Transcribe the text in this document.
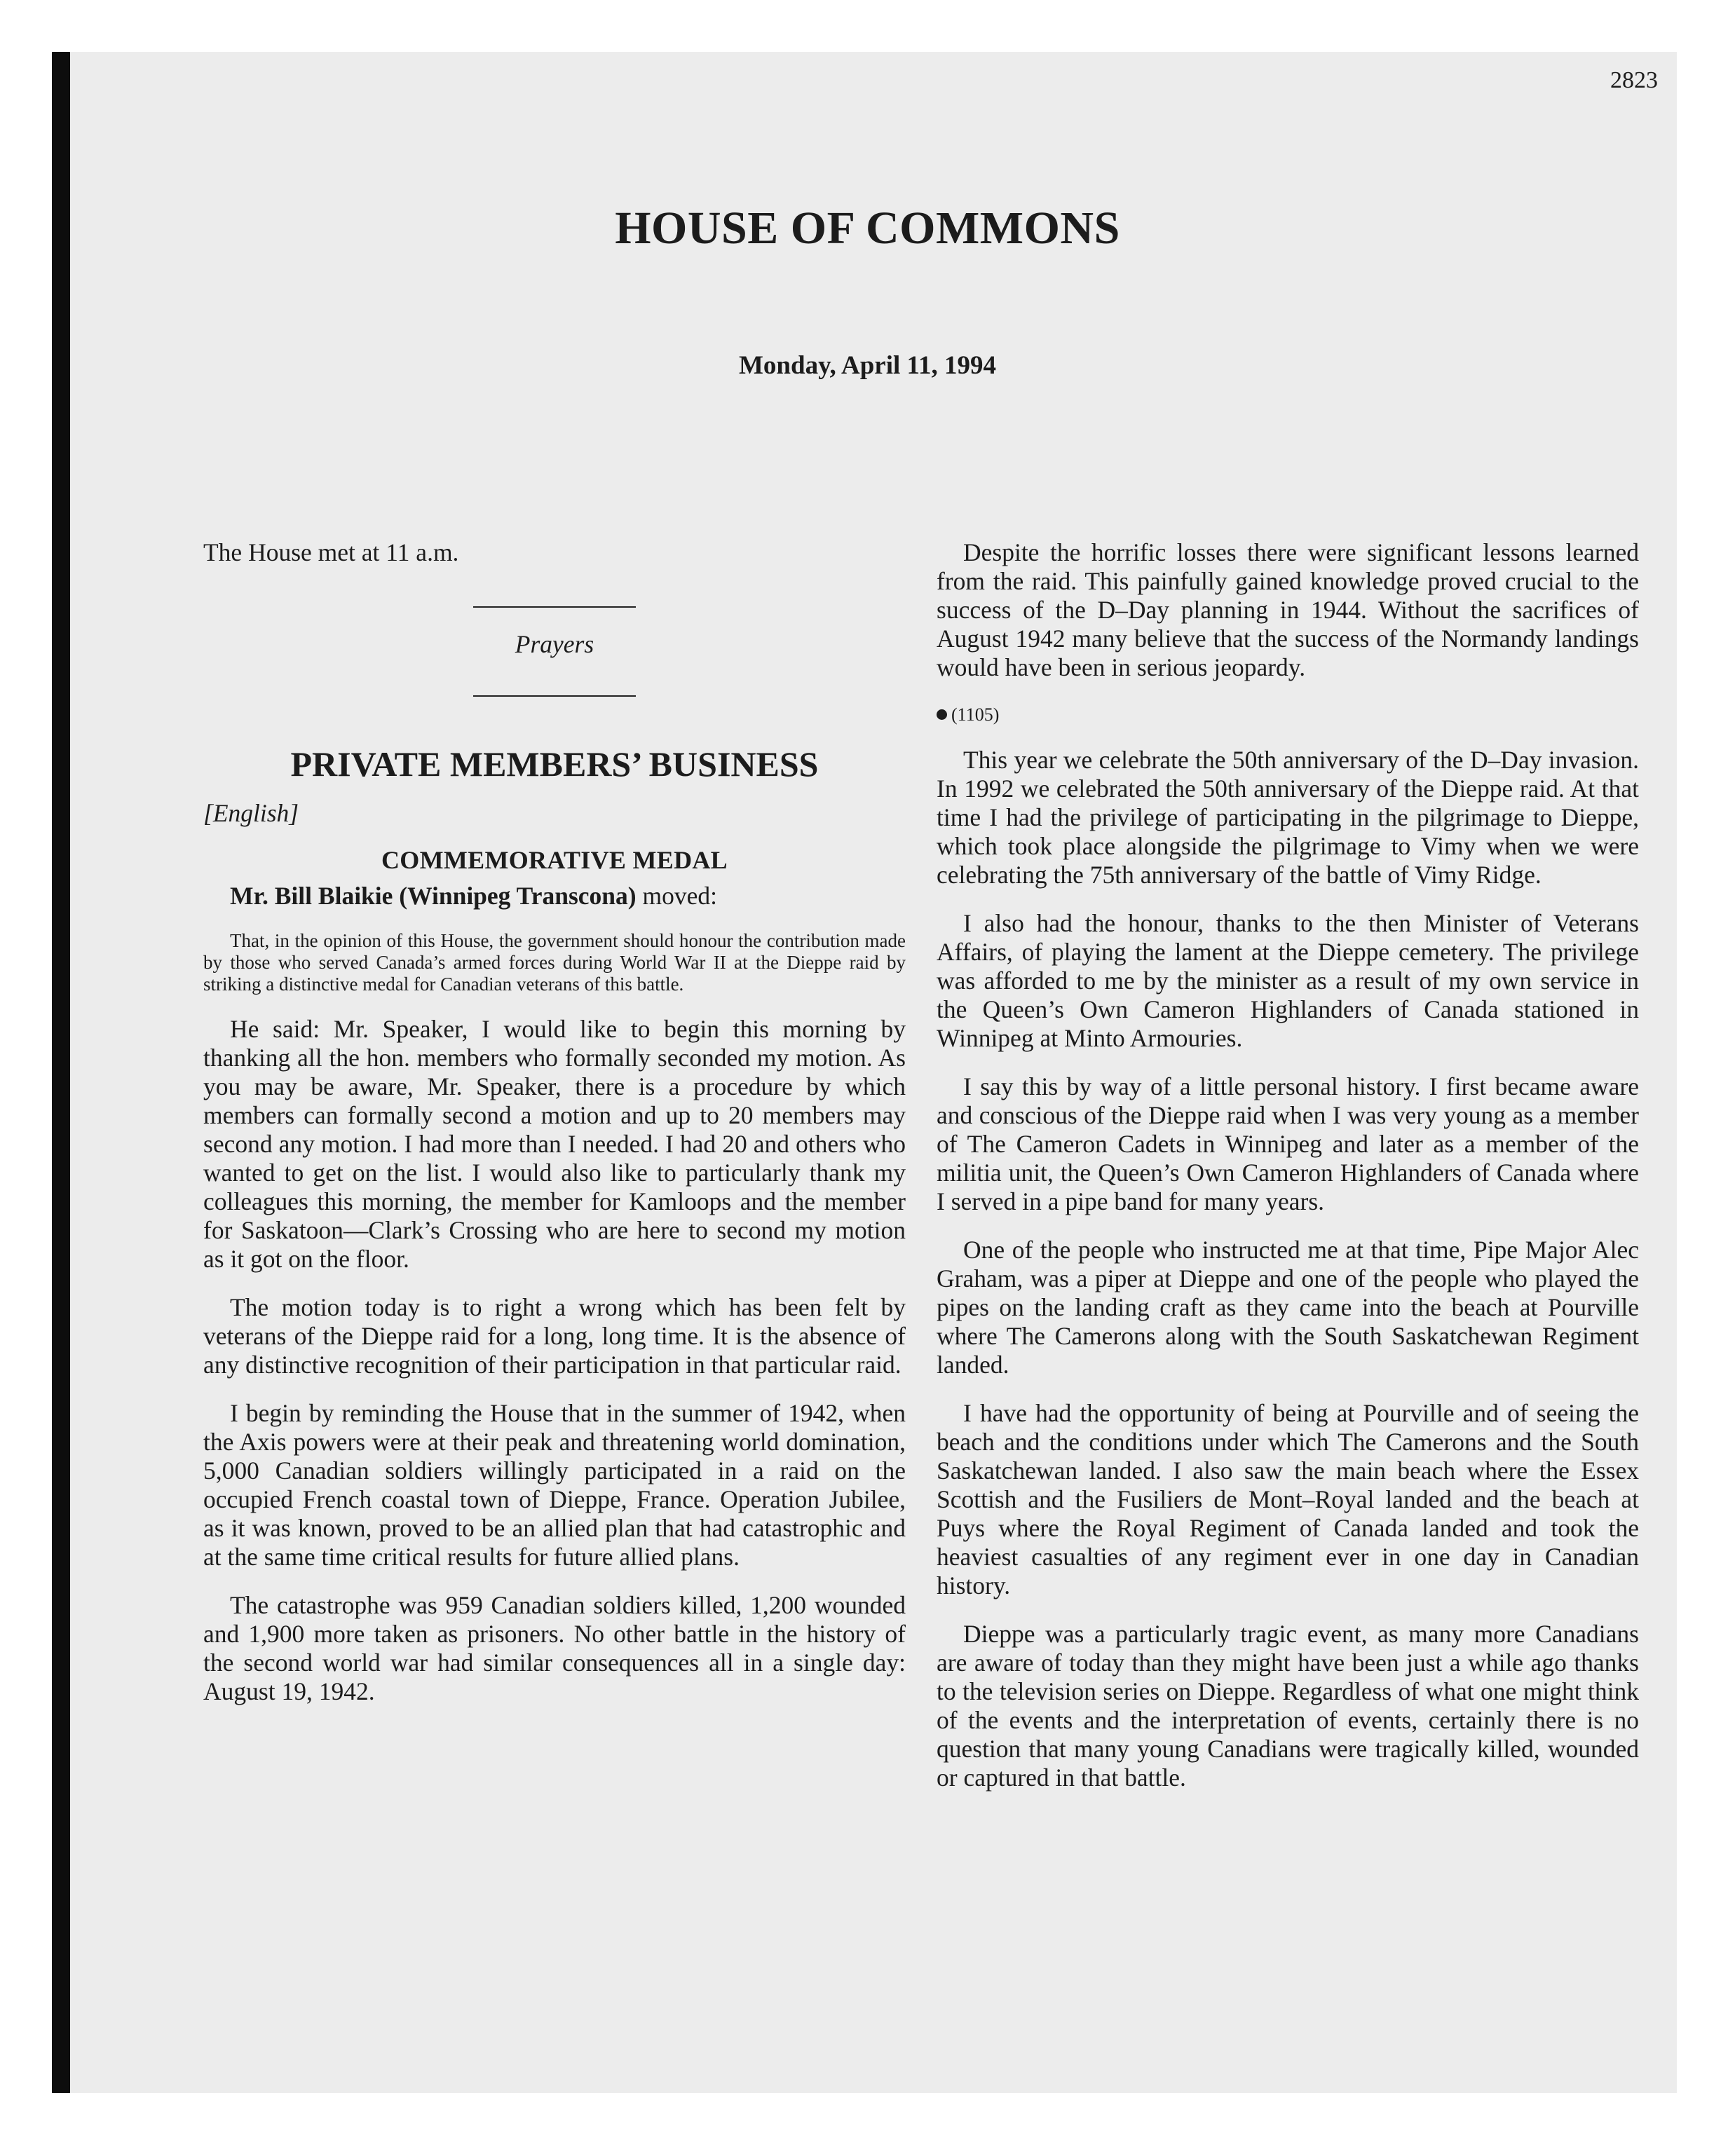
2823
HOUSE OF COMMONS
Monday, April 11, 1994
The House met at 11 a.m.
Prayers
PRIVATE MEMBERS’ BUSINESS
[English]
COMMEMORATIVE MEDAL

Mr. Bill Blaikie (Winnipeg Transcona) moved:

That, in the opinion of this House, the government should honour the contribution made by those who served Canada’s armed forces during World War II at the Dieppe raid by striking a distinctive medal for Canadian veterans of this battle.

He said: Mr. Speaker, I would like to begin this morning by thanking all the hon. members who formally seconded my motion. As you may be aware, Mr. Speaker, there is a procedure by which members can formally second a motion and up to 20 members may second any motion. I had more than I needed. I had 20 and others who wanted to get on the list. I would also like to particularly thank my colleagues this morning, the member for Kamloops and the member for Saskatoon—Clark’s Crossing who are here to second my motion as it got on the floor.

The motion today is to right a wrong which has been felt by veterans of the Dieppe raid for a long, long time. It is the absence of any distinctive recognition of their participation in that particular raid.

I begin by reminding the House that in the summer of 1942, when the Axis powers were at their peak and threatening world domination, 5,000 Canadian soldiers willingly participated in a raid on the occupied French coastal town of Dieppe, France. Operation Jubilee, as it was known, proved to be an allied plan that had catastrophic and at the same time critical results for future allied plans.

The catastrophe was 959 Canadian soldiers killed, 1,200 wounded and 1,900 more taken as prisoners. No other battle in the history of the second world war had similar consequences all in a single day: August 19, 1942.

Despite the horrific losses there were significant lessons learned from the raid. This painfully gained knowledge proved crucial to the success of the D–Day planning in 1944. Without the sacrifices of August 1942 many believe that the success of the Normandy landings would have been in serious jeopardy.

(1105)

This year we celebrate the 50th anniversary of the D–Day invasion. In 1992 we celebrated the 50th anniversary of the Dieppe raid. At that time I had the privilege of participating in the pilgrimage to Dieppe, which took place alongside the pilgrimage to Vimy when we were celebrating the 75th anniversary of the battle of Vimy Ridge.

I also had the honour, thanks to the then Minister of Veterans Affairs, of playing the lament at the Dieppe cemetery. The privilege was afforded to me by the minister as a result of my own service in the Queen’s Own Cameron Highlanders of Canada stationed in Winnipeg at Minto Armouries.

I say this by way of a little personal history. I first became aware and conscious of the Dieppe raid when I was very young as a member of The Cameron Cadets in Winnipeg and later as a member of the militia unit, the Queen’s Own Cameron Highlanders of Canada where I served in a pipe band for many years.

One of the people who instructed me at that time, Pipe Major Alec Graham, was a piper at Dieppe and one of the people who played the pipes on the landing craft as they came into the beach at Pourville where The Camerons along with the South Saskatchewan Regiment landed.

I have had the opportunity of being at Pourville and of seeing the beach and the conditions under which The Camerons and the South Saskatchewan landed. I also saw the main beach where the Essex Scottish and the Fusiliers de Mont–Royal landed and the beach at Puys where the Royal Regiment of Canada landed and took the heaviest casualties of any regiment ever in one day in Canadian history.

Dieppe was a particularly tragic event, as many more Canadians are aware of today than they might have been just a while ago thanks to the television series on Dieppe. Regardless of what one might think of the events and the interpretation of events, certainly there is no question that many young Canadians were tragically killed, wounded or captured in that battle.
